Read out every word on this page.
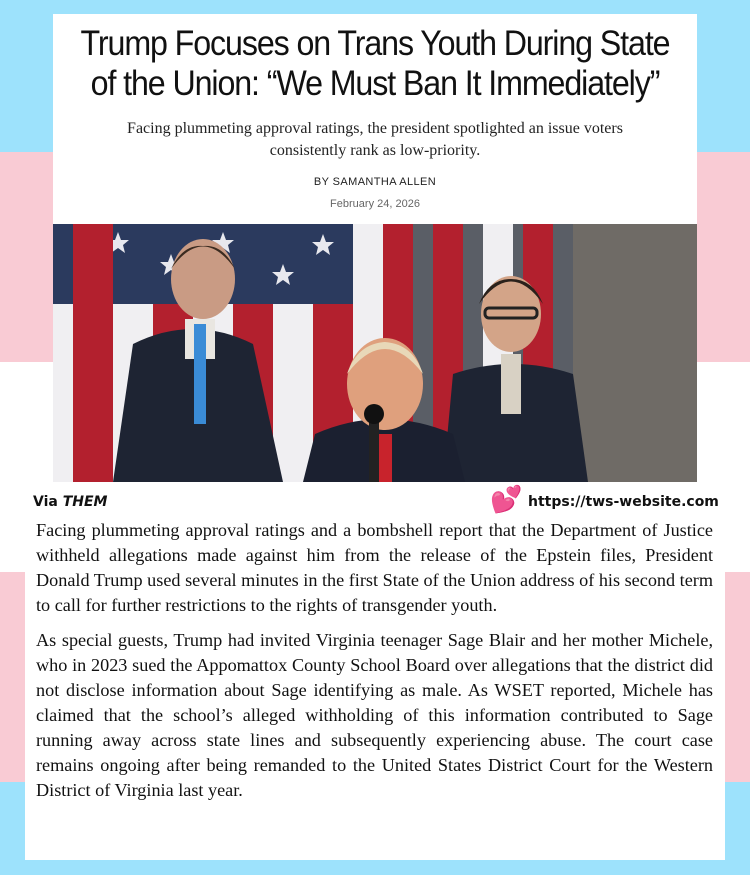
Trump Focuses on Trans Youth During State of the Union: “We Must Ban It Immediately”
Facing plummeting approval ratings, the president spotlighted an issue voters consistently rank as low-priority.
BY SAMANTHA ALLEN
February 24, 2026
Via THEM	💕 https://tws-website.com

Facing plummeting approval ratings and a bombshell report that the Department of Justice withheld allegations made against him from the release of the Epstein files, President Donald Trump used several minutes in the first State of the Union address of his second term to call for further restrictions to the rights of transgender youth.

As special guests, Trump had invited Virginia teenager Sage Blair and her mother Michele, who in 2023 sued the Appomattox County School Board over allegations that the district did not disclose information about Sage identifying as male. As WSET reported, Michele has claimed that the school’s alleged withholding of this information contributed to Sage running away across state lines and subsequently experiencing abuse. The court case remains ongoing after being remanded to the United States District Court for the Western District of Virginia last year.
